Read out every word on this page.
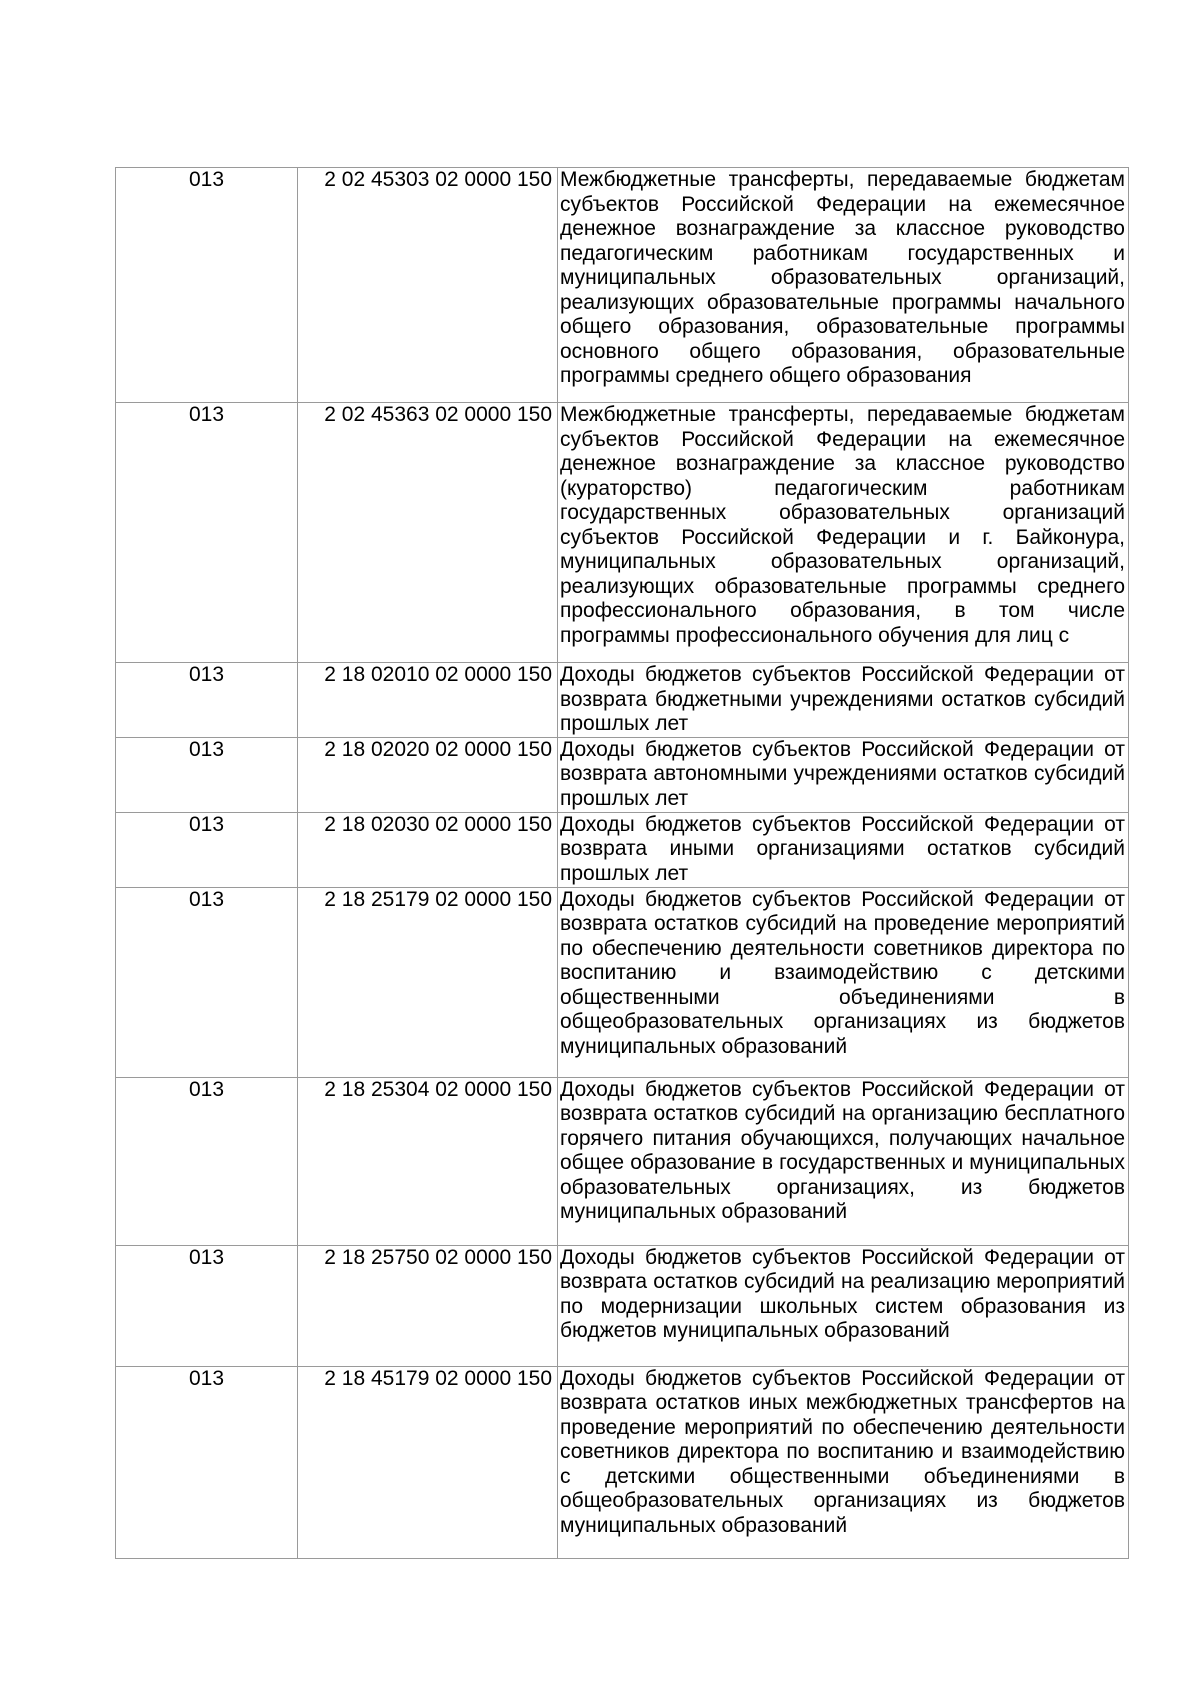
013	2 02 45303 02 0000 150	Межбюджетные трансферты, передаваемые бюджетам субъектов Российской Федерации на ежемесячное денежное вознаграждение за классное руководство педагогическим работникам государственных и муниципальных образовательных организаций, реализующих образовательные программы начального общего образования, образовательные программы основного общего образования, образовательные программы среднего общего образования

013	2 02 45363 02 0000 150	Межбюджетные трансферты, передаваемые бюджетам субъектов Российской Федерации на ежемесячное денежное вознаграждение за классное руководство (кураторство) педагогическим работникам государственных образовательных организаций субъектов Российской Федерации и г. Байконура, муниципальных образовательных организаций, реализующих образовательные программы среднего профессионального образования, в том числе программы профессионального обучения для лиц с

013	2 18 02010 02 0000 150	Доходы бюджетов субъектов Российской Федерации от возврата бюджетными учреждениями остатков субсидий прошлых лет

013	2 18 02020 02 0000 150	Доходы бюджетов субъектов Российской Федерации от возврата автономными учреждениями остатков субсидий прошлых лет

013	2 18 02030 02 0000 150	Доходы бюджетов субъектов Российской Федерации от возврата иными организациями остатков субсидий прошлых лет

013	2 18 25179 02 0000 150	Доходы бюджетов субъектов Российской Федерации от возврата остатков субсидий на проведение мероприятий по обеспечению деятельности советников директора по воспитанию и взаимодействию с детскими общественными объединениями в общеобразовательных организациях из бюджетов муниципальных образований

013	2 18 25304 02 0000 150	Доходы бюджетов субъектов Российской Федерации от возврата остатков субсидий на организацию бесплатного горячего питания обучающихся, получающих начальное общее образование в государственных и муниципальных образовательных организациях, из бюджетов муниципальных образований

013	2 18 25750 02 0000 150	Доходы бюджетов субъектов Российской Федерации от возврата остатков субсидий на реализацию мероприятий по модернизации школьных систем образования из бюджетов муниципальных образований

013	2 18 45179 02 0000 150	Доходы бюджетов субъектов Российской Федерации от возврата остатков иных межбюджетных трансфертов на проведение мероприятий по обеспечению деятельности советников директора по воспитанию и взаимодействию с детскими общественными объединениями в общеобразовательных организациях из бюджетов муниципальных образований
